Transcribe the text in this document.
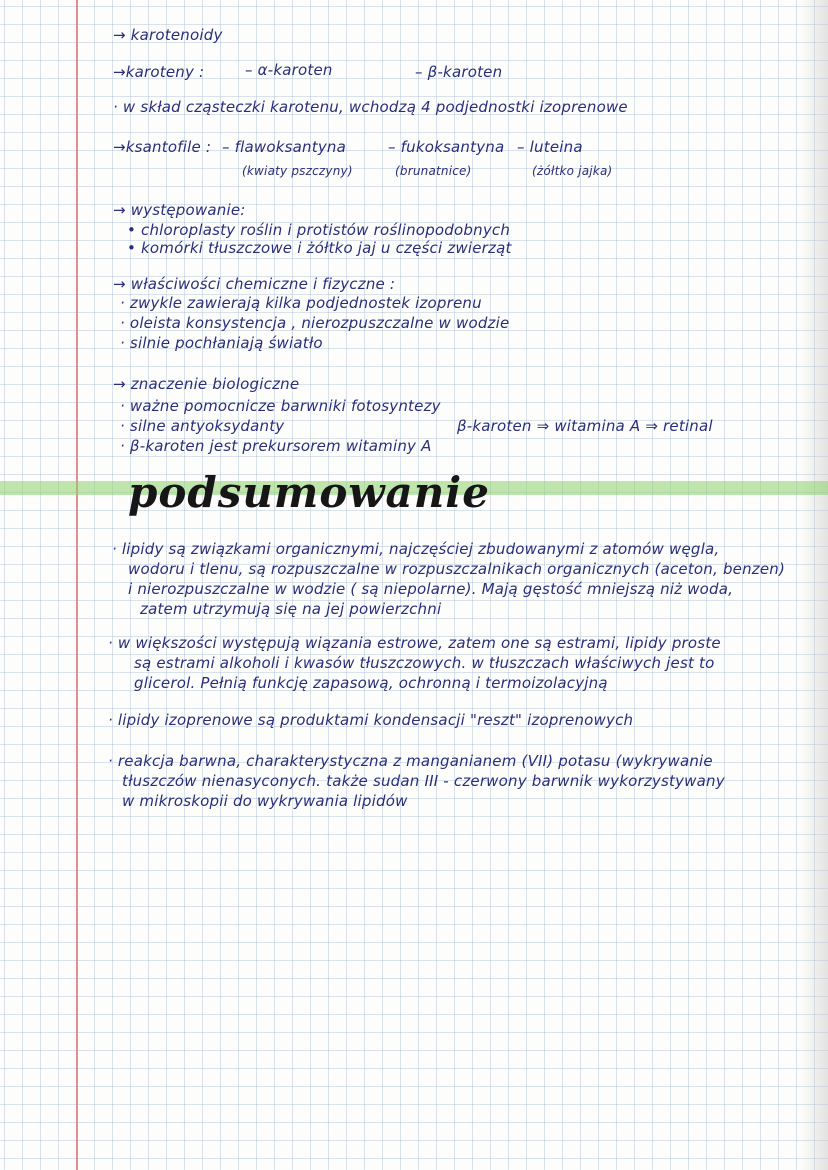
→ karotenoidy
→karoteny :	– α-karoten	– β-karoten
· w skład cząsteczki karotenu, wchodzą 4 podjednostki izoprenowe
→ksantofile : – flawoksantyna	– fukoksantyna – luteina
(kwiaty pszczyny)	(brunatnice)	(żółtko jajka)
→ występowanie:
• chloroplasty roślin i protistów roślinopodobnych
• komórki tłuszczowe i żółtko jaj u części zwierząt
→ właściwości chemiczne i fizyczne :
· zwykle zawierają kilka podjednostek izoprenu
· oleista konsystencja , nierozpuszczalne w wodzie
· silnie pochłaniają światło
→ znaczenie biologiczne
· ważne pomocnicze barwniki fotosyntezy
· silne antyoksydanty
· β-karoten jest prekursorem witaminy A
β-karoten ⇒ witamina A ⇒ retinal
podsumowanie
· lipidy są związkami organicznymi, najczęściej zbudowanymi z atomów węgla,
wodoru i tlenu, są rozpuszczalne w rozpuszczalnikach organicznych (aceton, benzen)
i nierozpuszczalne w wodzie ( są niepolarne). Mają gęstość mniejszą niż woda,
zatem utrzymują się na jej powierzchni
· w większości występują wiązania estrowe, zatem one są estrami, lipidy proste
są estrami alkoholi i kwasów tłuszczowych. w tłuszczach właściwych jest to
glicerol. Pełnią funkcję zapasową, ochronną i termoizolacyjną
· lipidy izoprenowe są produktami kondensacji "reszt" izoprenowych
· reakcja barwna, charakterystyczna z manganianem (VII) potasu (wykrywanie
tłuszczów nienasyconych. także sudan III - czerwony barwnik wykorzystywany
w mikroskopii do wykrywania lipidów
